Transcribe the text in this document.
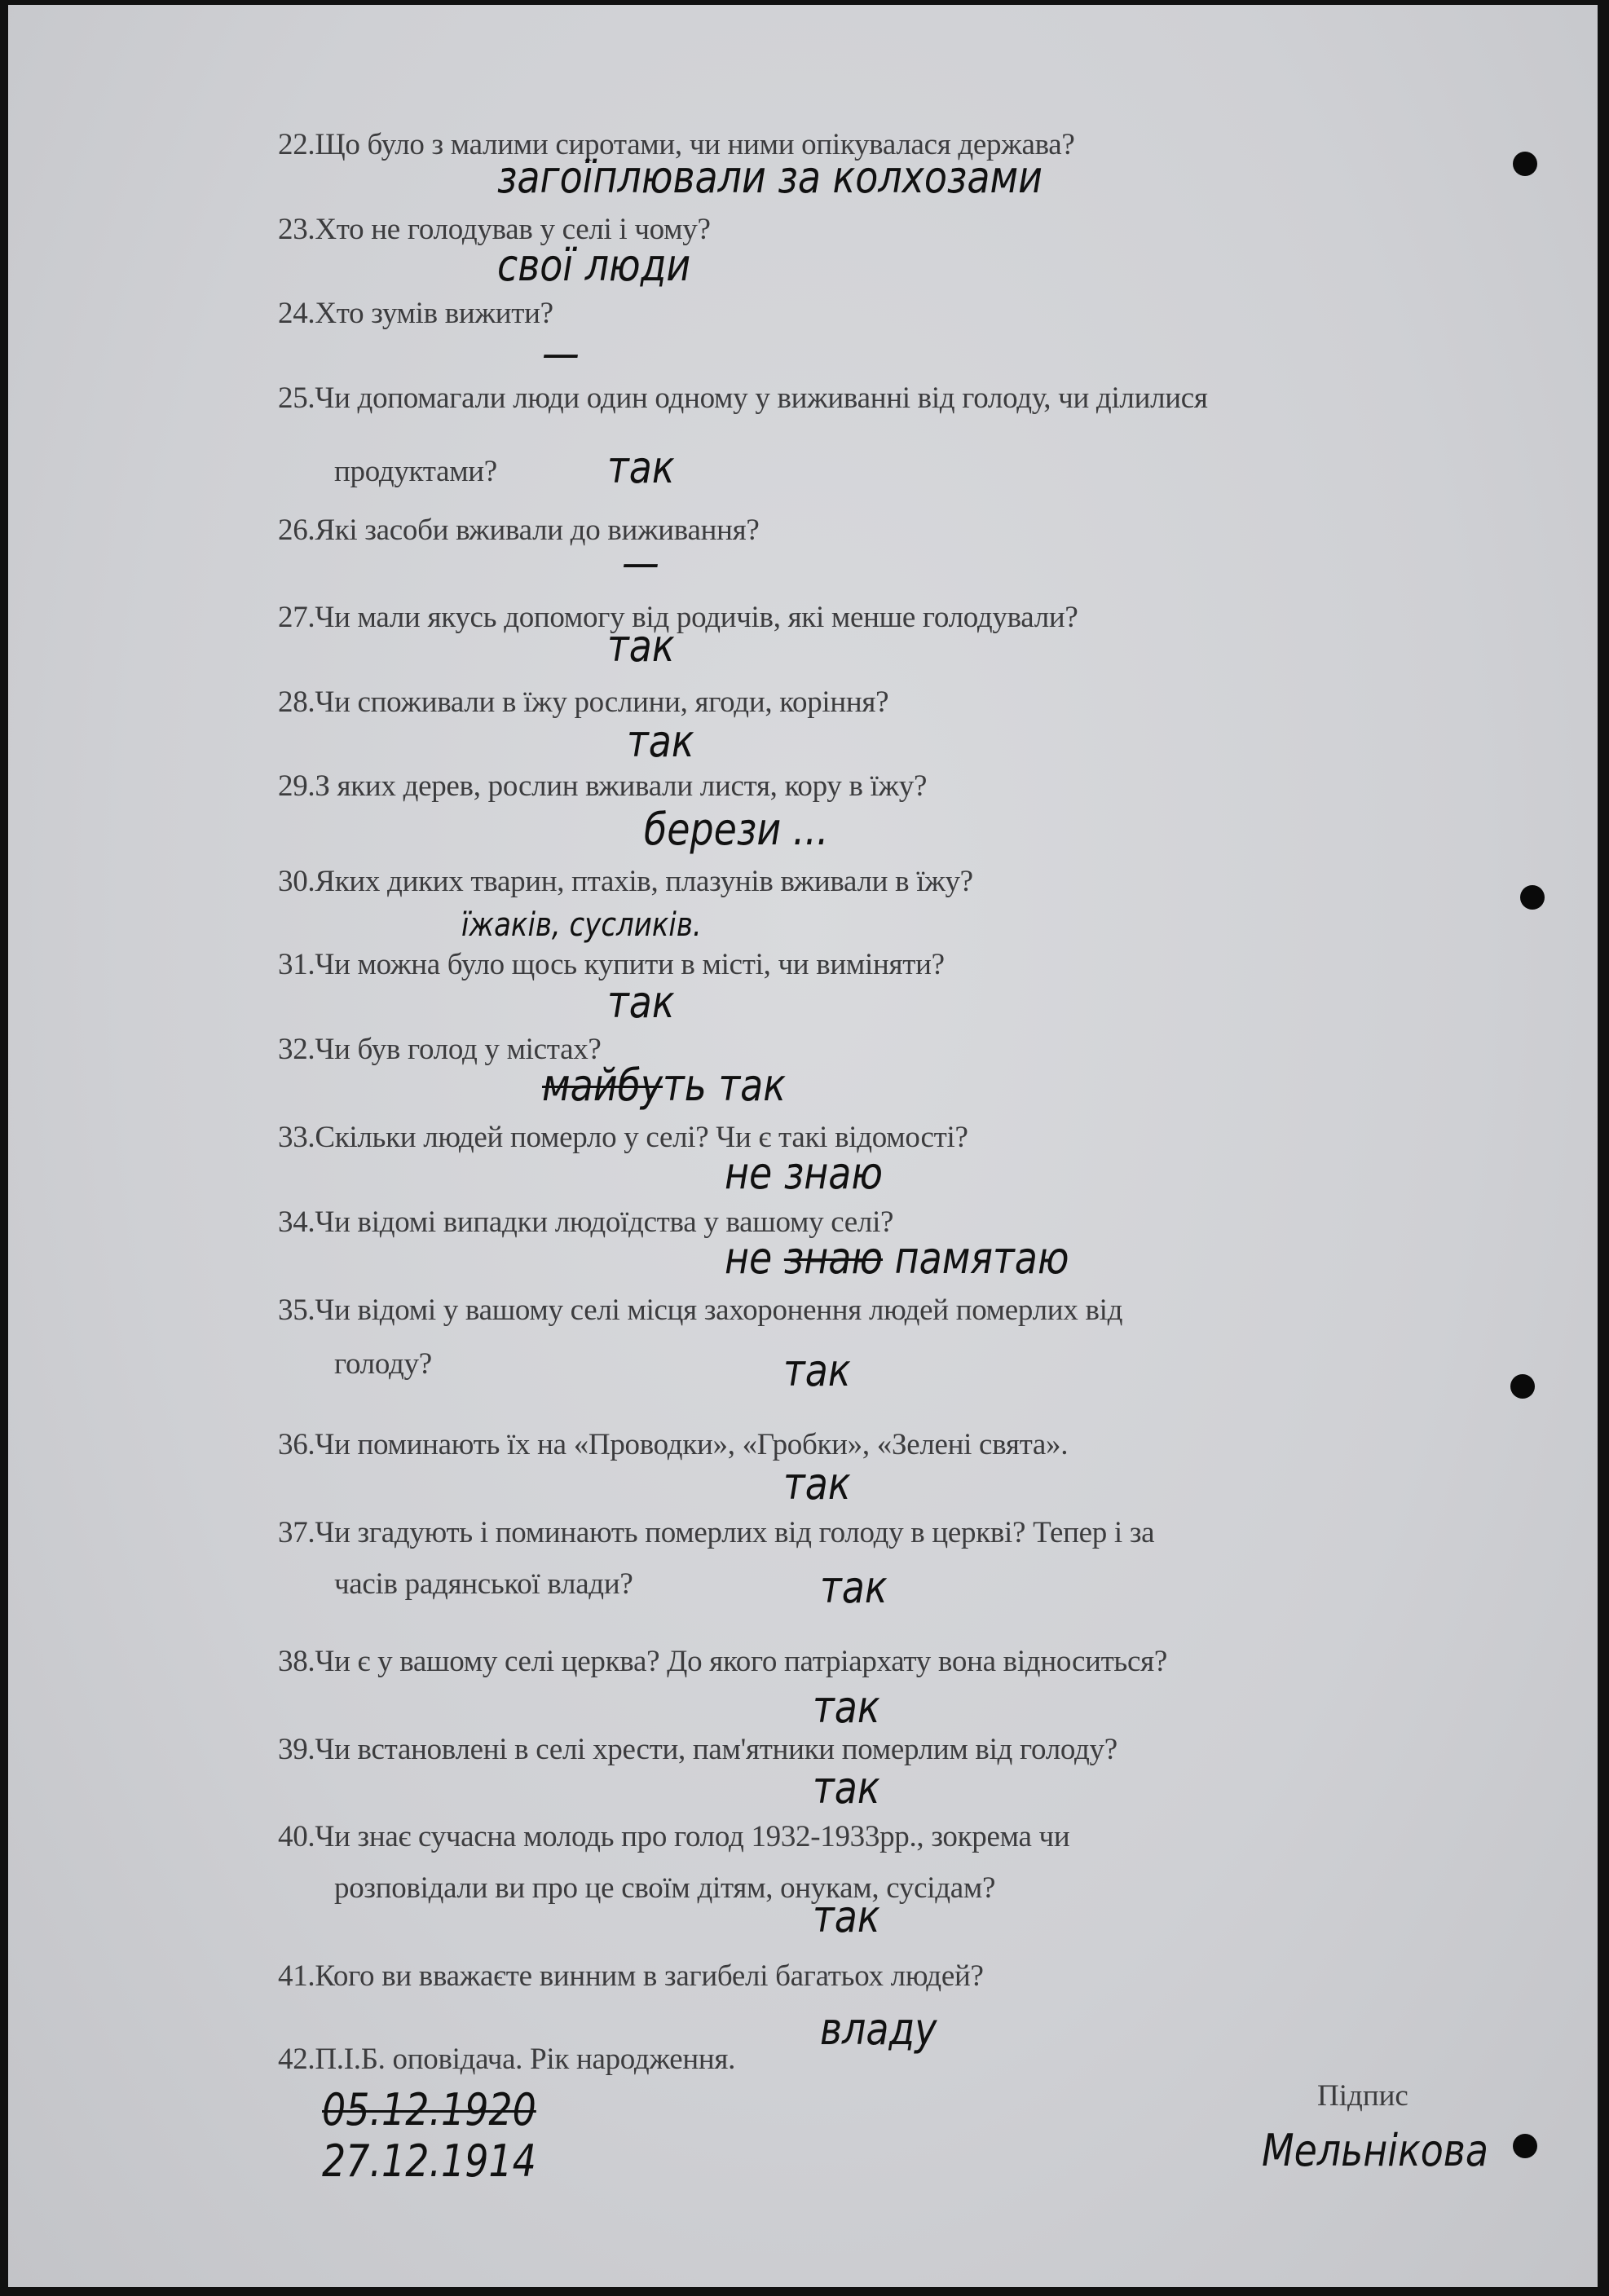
22.Що було з малими сиротами, чи ними опікувалася держава?
23.Хто не голодував у селі і чому?
24.Хто зумів вижити?
25.Чи допомагали люди один одному у виживанні від голоду, чи ділилися
продуктами?
26.Які засоби вживали до виживання?
27.Чи мали якусь допомогу від родичів, які менше голодували?
28.Чи споживали в їжу рослини, ягоди, коріння?
29.З яких дерев, рослин вживали листя, кору в їжу?
30.Яких диких тварин, птахів, плазунів вживали в їжу?
31.Чи можна було щось купити в місті, чи виміняти?
32.Чи був голод у містах?
33.Скільки людей померло у селі? Чи є такі відомості?
34.Чи відомі випадки людоїдства у вашому селі?
35.Чи відомі у вашому селі місця захоронення людей померлих від
голоду?
36.Чи поминають їх на «Проводки», «Гробки», «Зелені свята».
37.Чи згадують і поминають померлих від голоду в церкві? Тепер і за
часів радянської влади?
38.Чи є у вашому селі церква? До якого патріархату вона відноситься?
39.Чи встановлені в селі хрести, пам'ятники померлим від голоду?
40.Чи знає сучасна молодь про голод 1932-1933рр., зокрема чи
розповідали ви про це своїм дітям, онукам, сусідам?
41.Кого ви вважаєте винним в загибелі багатьох людей?
42.П.І.Б. оповідача. Рік народження.
загоїплювали за колхозами
свої люди
—
так
—
так
так
берези ...
їжаків, сусликів.
так
майбуть так
не знаю
не знаю памятаю
так
так
так
так
так
так
владу
05.12.1920
27.12.1914
Підпис
Мельнікова
